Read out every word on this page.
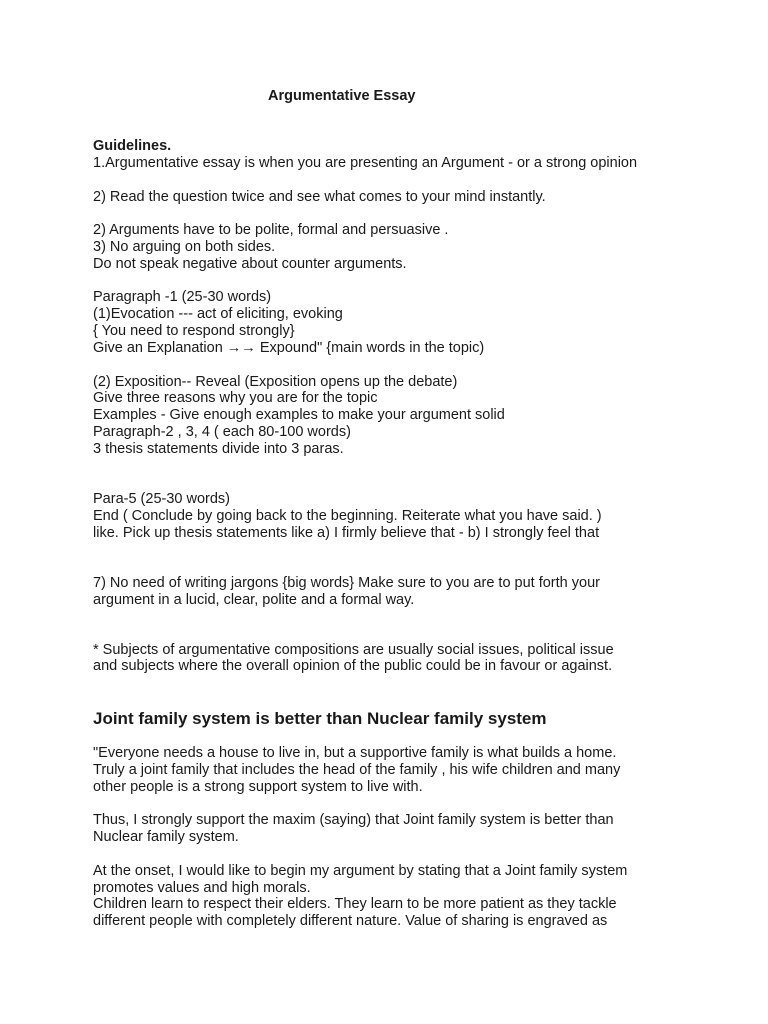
Argumentative Essay

Guidelines.

1.Argumentative essay is when you are presenting an Argument - or a strong opinion

2) Read the question twice and see what comes to your mind instantly.

2) Arguments have to be polite, formal and persuasive .

3) No arguing on both sides.

Do not speak negative about counter arguments.

Paragraph -1 (25-30 words)

(1)Evocation --- act of eliciting, evoking

{ You need to respond strongly}

Give an Explanation →→ Expound" {main words in the topic)

(2) Exposition-- Reveal (Exposition opens up the debate)

Give three reasons why you are for the topic

Examples - Give enough examples to make your argument solid

Paragraph-2 , 3, 4 ( each 80-100 words)

3 thesis statements divide into 3 paras.

Para-5 (25-30 words)

End ( Conclude by going back to the beginning. Reiterate what you have said. )

like. Pick up thesis statements like a) I firmly believe that - b) I strongly feel that

7) No need of writing jargons {big words} Make sure to you are to put forth your

argument in a lucid, clear, polite and a formal way.

* Subjects of argumentative compositions are usually social issues, political issue

and subjects where the overall opinion of the public could be in favour or against.

Joint family system is better than Nuclear family system

"Everyone needs a house to live in, but a supportive family is what builds a home.

Truly a joint family that includes the head of the family , his wife children and many

other people is a strong support system to live with.

Thus, I strongly support the maxim (saying) that Joint family system is better than

Nuclear family system.

At the onset, I would like to begin my argument by stating that a Joint family system

promotes values and high morals.

Children learn to respect their elders. They learn to be more patient as they tackle

different people with completely different nature. Value of sharing is engraved as
